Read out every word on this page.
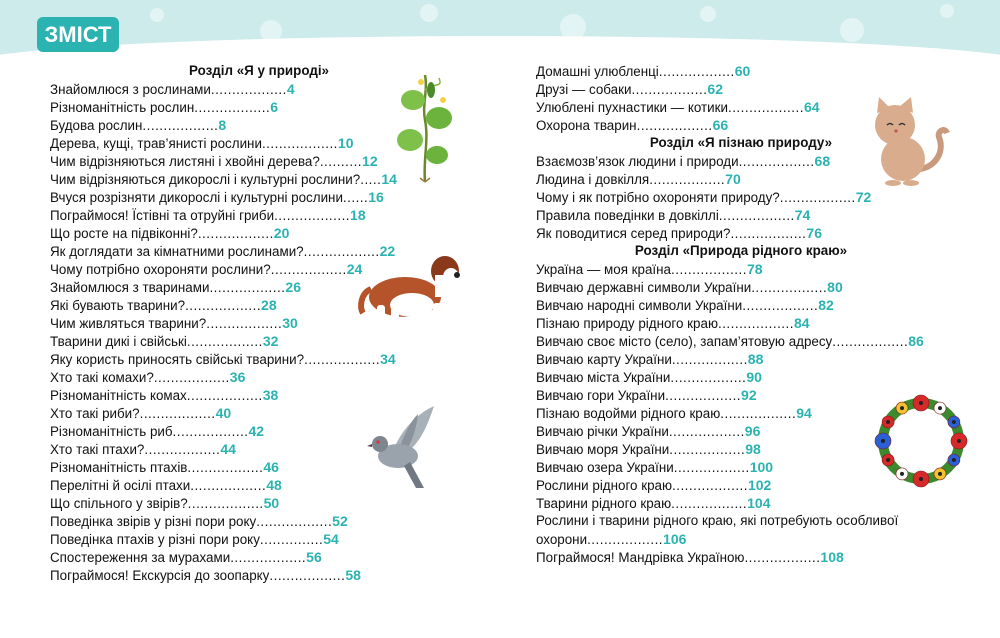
ЗМІСТ
Розділ «Я у природі»
Знайомлюся з рослинами..................4
Різноманітність рослин..................6
Будова рослин..................8
Дерева, кущі, трав’янисті рослини..................10
Чим відрізняються листяні і хвойні дерева?..........12
Чим відрізняються дикорослі і культурні рослини?.....14
Вчуся розрізняти дикорослі і культурні рослини......16
Пограймося! Їстівні та отруйні гриби..................18
Що росте на підвіконні?..................20
Як доглядати за кімнатними рослинами?..................22
Чому потрібно охороняти рослини?..................24
Знайомлюся з тваринами..................26
Які бувають тварини?..................28
Чим живляться тварини?..................30
Тварини дикі і свійські..................32
Яку користь приносять свійські тварини?..................34
Хто такі комахи?..................36
Різноманітність комах..................38
Хто такі риби?..................40
Різноманітність риб..................42
Хто такі птахи?..................44
Різноманітність птахів..................46
Перелітні й осілі птахи..................48
Що спільного у звірів?..................50
Поведінка звірів у різні пори року..................52
Поведінка птахів у різні пори року...............54
Спостереження за мурахами..................56
Пограймося! Екскурсія до зоопарку..................58
Домашні улюбленці..................60
Друзі — собаки..................62
Улюблені пухнастики — котики..................64
Охорона тварин..................66
Розділ «Я пізнаю природу»
Взаємозв’язок людини і природи..................68
Людина і довкілля..................70
Чому і як потрібно охороняти природу?..................72
Правила поведінки в довкіллі..................74
Як поводитися серед природи?..................76
Розділ «Природа рідного краю»
Україна — моя країна..................78
Вивчаю державні символи України..................80
Вивчаю народні символи України..................82
Пізнаю природу рідного краю..................84
Вивчаю своє місто (село), запам’ятовую адресу..................86
Вивчаю карту України..................88
Вивчаю міста України..................90
Вивчаю гори України..................92
Пізнаю водойми рідного краю..................94
Вивчаю річки України..................96
Вивчаю моря України..................98
Вивчаю озера України..................100
Рослини рідного краю..................102
Тварини рідного краю..................104
Рослини і тварини рідного краю, які потребують особливої
охорони..................106
Пограймося! Мандрівка Україною..................108
